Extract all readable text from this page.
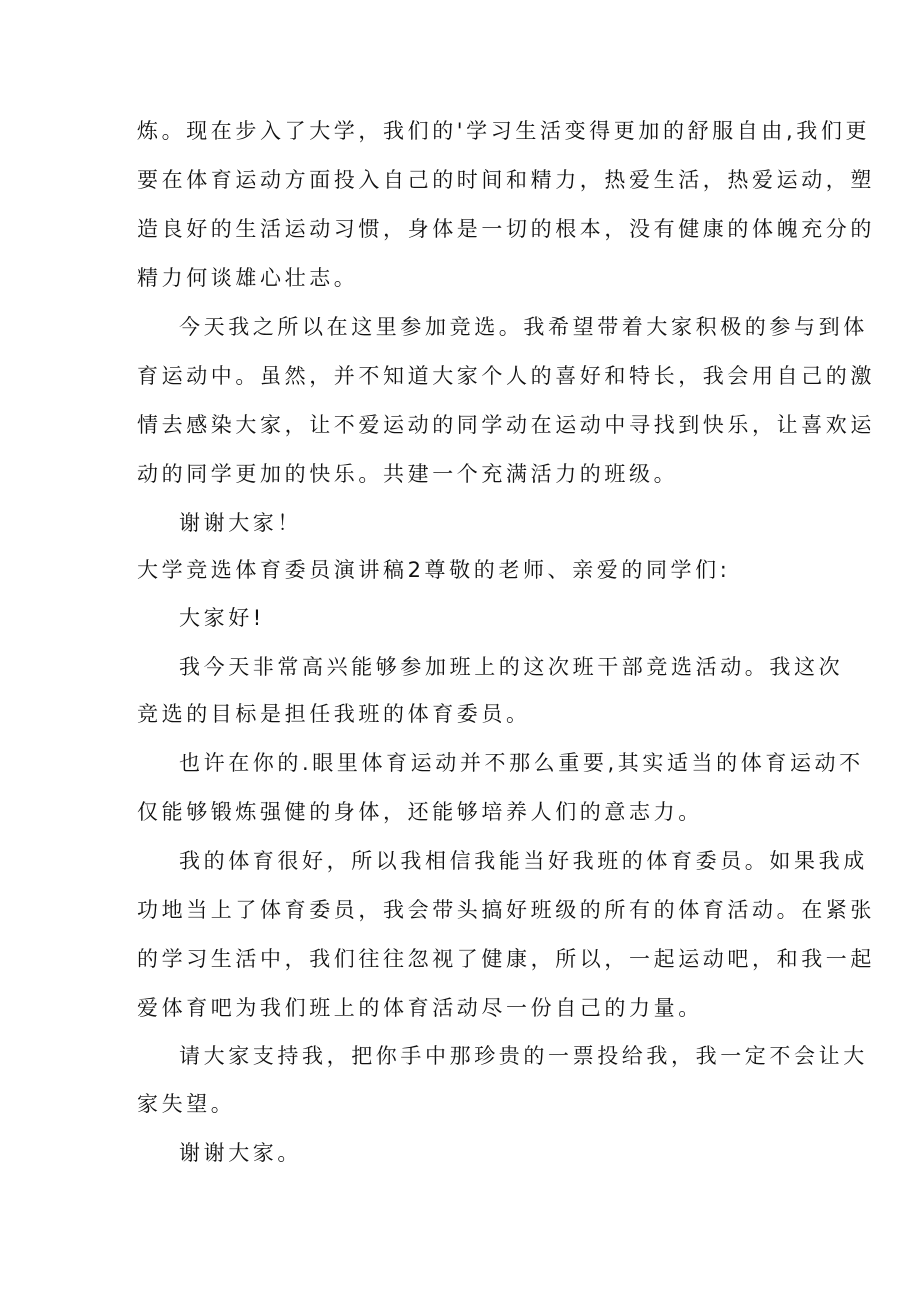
炼。现在步入了大学，我们的'学习生活变得更加的舒服自由,我们更

要在体育运动方面投入自己的时间和精力，热爱生活，热爱运动，塑

造良好的生活运动习惯，身体是一切的根本，没有健康的体魄充分的

精力何谈雄心壮志。

今天我之所以在这里参加竞选。我希望带着大家积极的参与到体

育运动中。虽然，并不知道大家个人的喜好和特长，我会用自己的激

情去感染大家，让不爱运动的同学动在运动中寻找到快乐，让喜欢运

动的同学更加的快乐。共建一个充满活力的班级。

谢谢大家！

大学竞选体育委员演讲稿2尊敬的老师、亲爱的同学们:

大家好!

我今天非常高兴能够参加班上的这次班干部竞选活动。我这次

竞选的目标是担任我班的体育委员。

也许在你的.眼里体育运动并不那么重要,其实适当的体育运动不

仅能够锻炼强健的身体，还能够培养人们的意志力。

我的体育很好，所以我相信我能当好我班的体育委员。如果我成

功地当上了体育委员，我会带头搞好班级的所有的体育活动。在紧张

的学习生活中，我们往往忽视了健康，所以，一起运动吧，和我一起

爱体育吧为我们班上的体育活动尽一份自己的力量。

请大家支持我，把你手中那珍贵的一票投给我，我一定不会让大

家失望。

谢谢大家。
